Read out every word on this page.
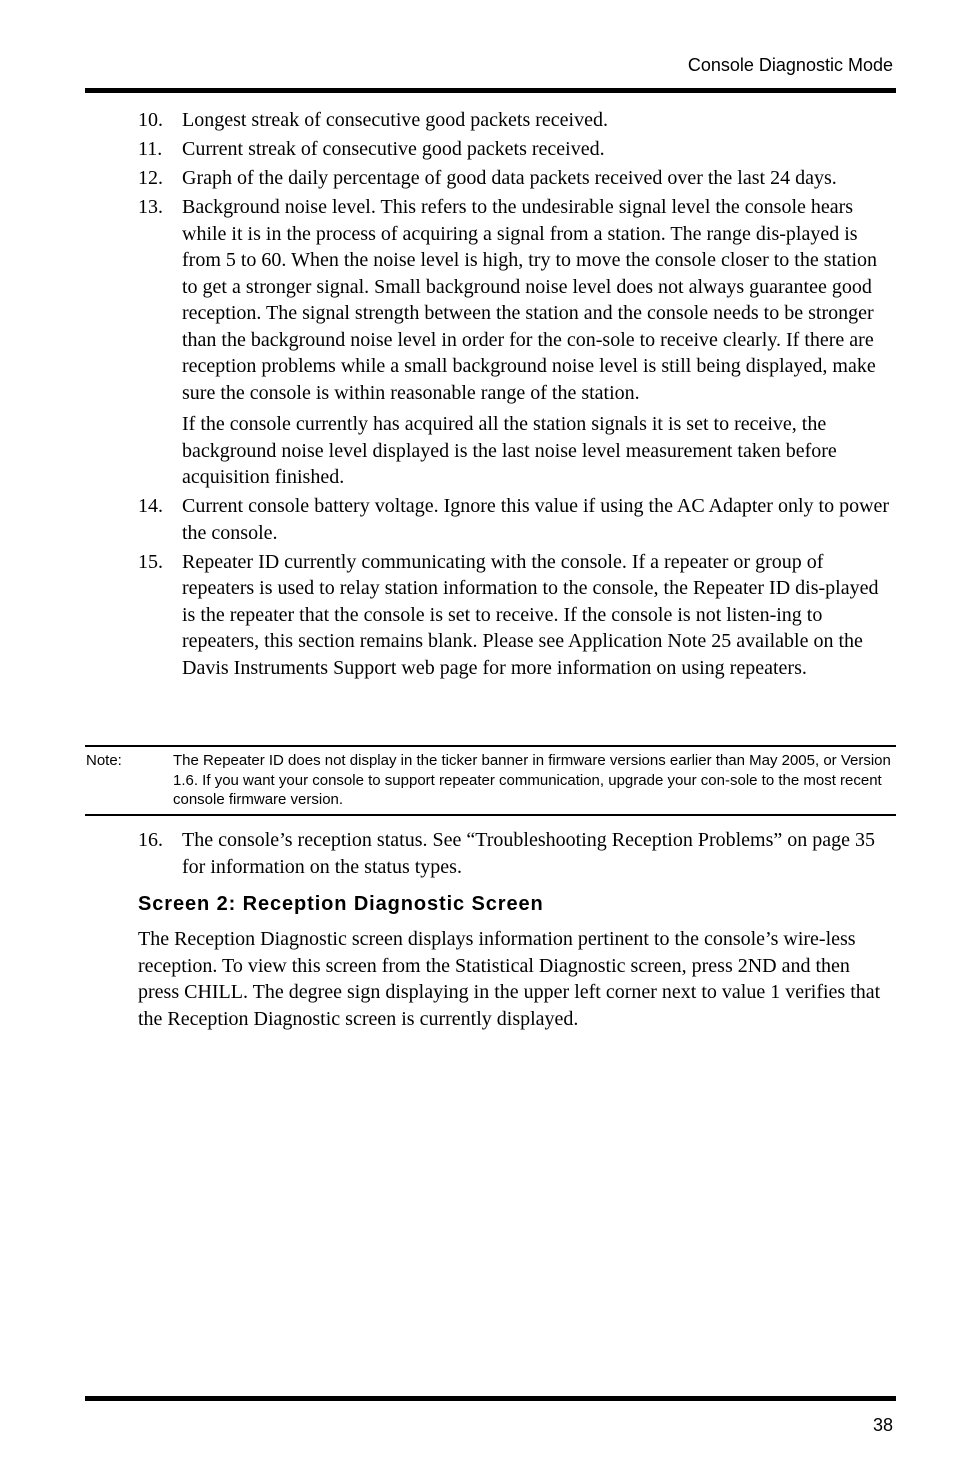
Console Diagnostic Mode
10. Longest streak of consecutive good packets received.

11. Current streak of consecutive good packets received.

12. Graph of the daily percentage of good data packets received over the last 24 days.

13. Background noise level. This refers to the undesirable signal level the console hears while it is in the process of acquiring a signal from a station. The range dis-played is from 5 to 60. When the noise level is high, try to move the console closer to the station to get a stronger signal. Small background noise level does not always guarantee good reception. The signal strength between the station and the console needs to be stronger than the background noise level in order for the con-sole to receive clearly. If there are reception problems while a small background noise level is still being displayed, make sure the console is within reasonable range of the station.

If the console currently has acquired all the station signals it is set to receive, the background noise level displayed is the last noise level measurement taken before acquisition finished.

14. Current console battery voltage. Ignore this value if using the AC Adapter only to power the console.

15. Repeater ID currently communicating with the console. If a repeater or group of repeaters is used to relay station information to the console, the Repeater ID dis-played is the repeater that the console is set to receive. If the console is not listen-ing to repeaters, this section remains blank. Please see Application Note 25 available on the Davis Instruments Support web page for more information on using repeaters.

Note:	The Repeater ID does not display in the ticker banner in firmware versions earlier than May 2005, or Version 1.6. If you want your console to support repeater communication, upgrade your con-sole to the most recent console firmware version.

16. The console’s reception status. See “Troubleshooting Reception Problems” on page 35 for information on the status types.

Screen 2: Reception Diagnostic Screen

The Reception Diagnostic screen displays information pertinent to the console’s wire-less reception. To view this screen from the Statistical Diagnostic screen, press 2ND and then press CHILL. The degree sign displaying in the upper left corner next to value 1 verifies that the Reception Diagnostic screen is currently displayed.

38
